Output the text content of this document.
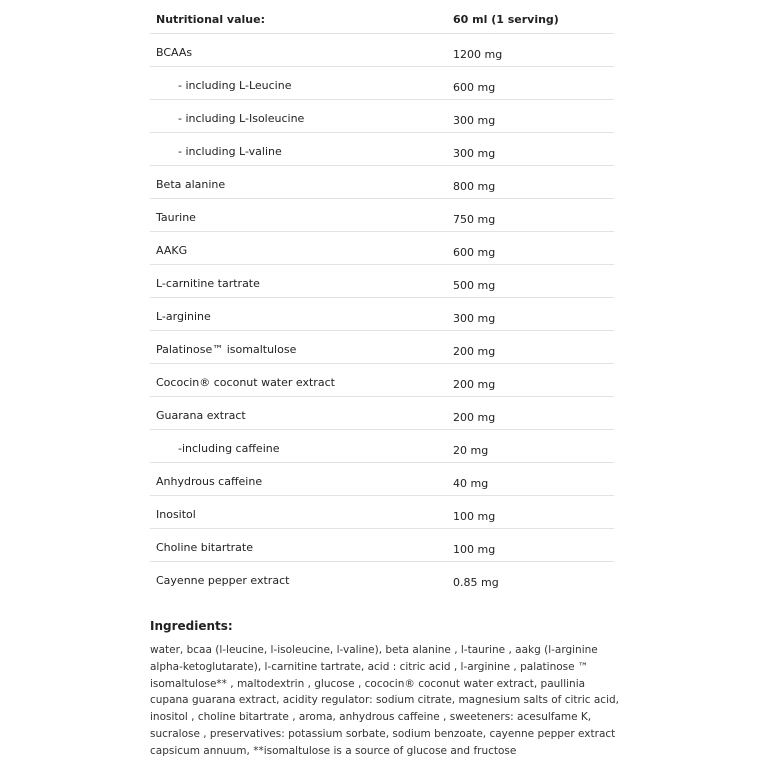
Nutritional value:	60 ml (1 serving)
BCAAs	1200 mg
- including L-Leucine	600 mg
- including L-Isoleucine	300 mg
- including L-valine	300 mg
Beta alanine	800 mg
Taurine	750 mg
AAKG	600 mg
L-carnitine tartrate	500 mg
L-arginine	300 mg
Palatinose™ isomaltulose	200 mg
Cococin® coconut water extract	200 mg
Guarana extract	200 mg
-including caffeine	20 mg
Anhydrous caffeine	40 mg
Inositol	100 mg
Choline bitartrate	100 mg
Cayenne pepper extract	0.85 mg
Ingredients:
water, bcaa (l-leucine, l-isoleucine, l-valine), beta alanine , l-taurine , aakg (l-arginine alpha-ketoglutarate), l-carnitine tartrate, acid : citric acid , l-arginine , palatinose ™ isomaltulose** , maltodextrin , glucose , cococin® coconut water extract, paullinia cupana guarana extract, acidity regulator: sodium citrate, magnesium salts of citric acid, inositol , choline bitartrate , aroma, anhydrous caffeine , sweeteners: acesulfame K, sucralose , preservatives: potassium sorbate, sodium benzoate, cayenne pepper extract capsicum annuum, **isomaltulose is a source of glucose and fructose
